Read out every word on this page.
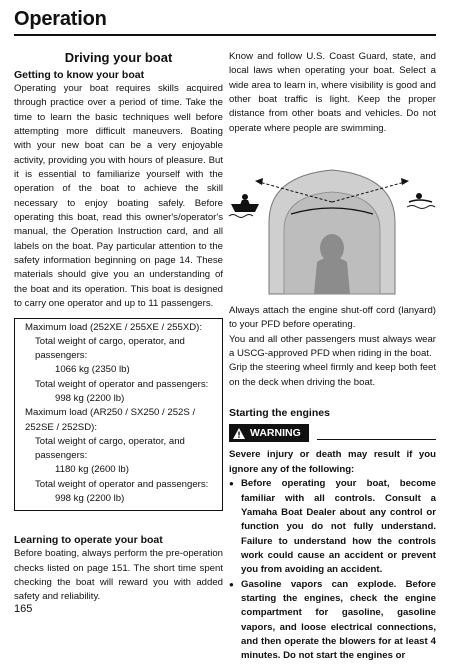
Operation
Driving your boat
Getting to know your boat

Operating your boat requires skills acquired through practice over a period of time. Take the time to learn the basic techniques well before attempting more difficult maneuvers. Boating with your new boat can be a very enjoyable activity, providing you with hours of pleasure. But it is essential to familiarize yourself with the operation of the boat to achieve the skill necessary to enjoy boating safely. Before operating this boat, read this owner's/operator's manual, the Operation Instruction card, and all labels on the boat. Pay particular attention to the safety information beginning on page 14. These materials should give you an understanding of the boat and its operation. This boat is designed to carry one operator and up to 11 passengers.

Maximum load (252XE / 255XE / 255XD):
Total weight of cargo, operator, and passengers:
1066 kg (2350 lb)
Total weight of operator and passengers:
998 kg (2200 lb)
Maximum load (AR250 / SX250 / 252S / 252SE / 252SD):
Total weight of cargo, operator, and passengers:
1180 kg (2600 lb)
Total weight of operator and passengers:
998 kg (2200 lb)
Learning to operate your boat

Before boating, always perform the pre-operation checks listed on page 151. The short time spent checking the boat will reward you with added safety and reliability.

Know and follow U.S. Coast Guard, state, and local laws when operating your boat. Select a wide area to learn in, where visibility is good and other boat traffic is light. Keep the proper distance from other boats and vehicles. Do not operate where people are swimming.

Always attach the engine shut-off cord (lanyard) to your PFD before operating.

You and all other passengers must always wear a USCG-approved PFD when riding in the boat.

Grip the steering wheel firmly and keep both feet on the deck when driving the boat.

Starting the engines
WARNING

Severe injury or death may result if you ignore any of the following:

● Before operating your boat, become familiar with all controls. Consult a Yamaha Boat Dealer about any control or function you do not fully understand. Failure to understand how the controls work could cause an accident or prevent you from avoiding an accident.
● Gasoline vapors can explode. Before starting the engines, check the engine compartment for gasoline, gasoline vapors, and loose electrical connections, and then operate the blowers for at least 4 minutes. Do not start the engines or
165
